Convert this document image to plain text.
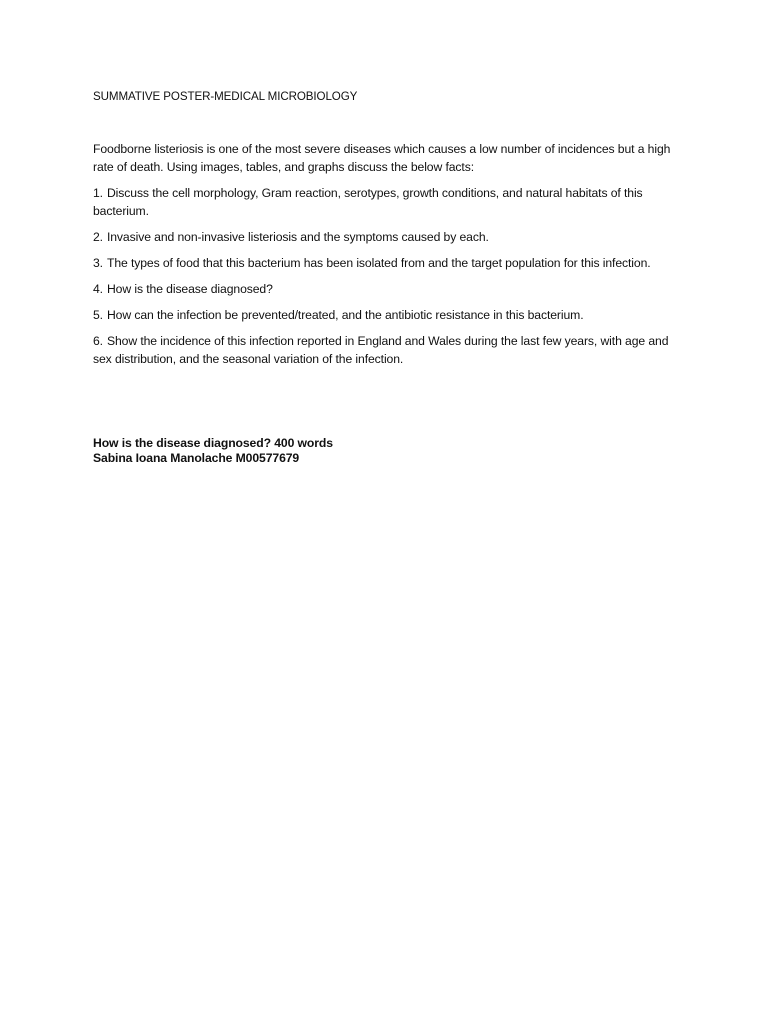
SUMMATIVE POSTER-MEDICAL MICROBIOLOGY

Foodborne listeriosis is one of the most severe diseases which causes a low number of incidences but a high rate of death. Using images, tables, and graphs discuss the below facts:

1. Discuss the cell morphology, Gram reaction, serotypes, growth conditions, and natural habitats of this bacterium.

2. Invasive and non-invasive listeriosis and the symptoms caused by each.

3. The types of food that this bacterium has been isolated from and the target population for this infection.

4. How is the disease diagnosed?

5. How can the infection be prevented/treated, and the antibiotic resistance in this bacterium.

6. Show the incidence of this infection reported in England and Wales during the last few years, with age and sex distribution, and the seasonal variation of the infection.

How is the disease diagnosed? 400 words
Sabina Ioana Manolache M00577679
